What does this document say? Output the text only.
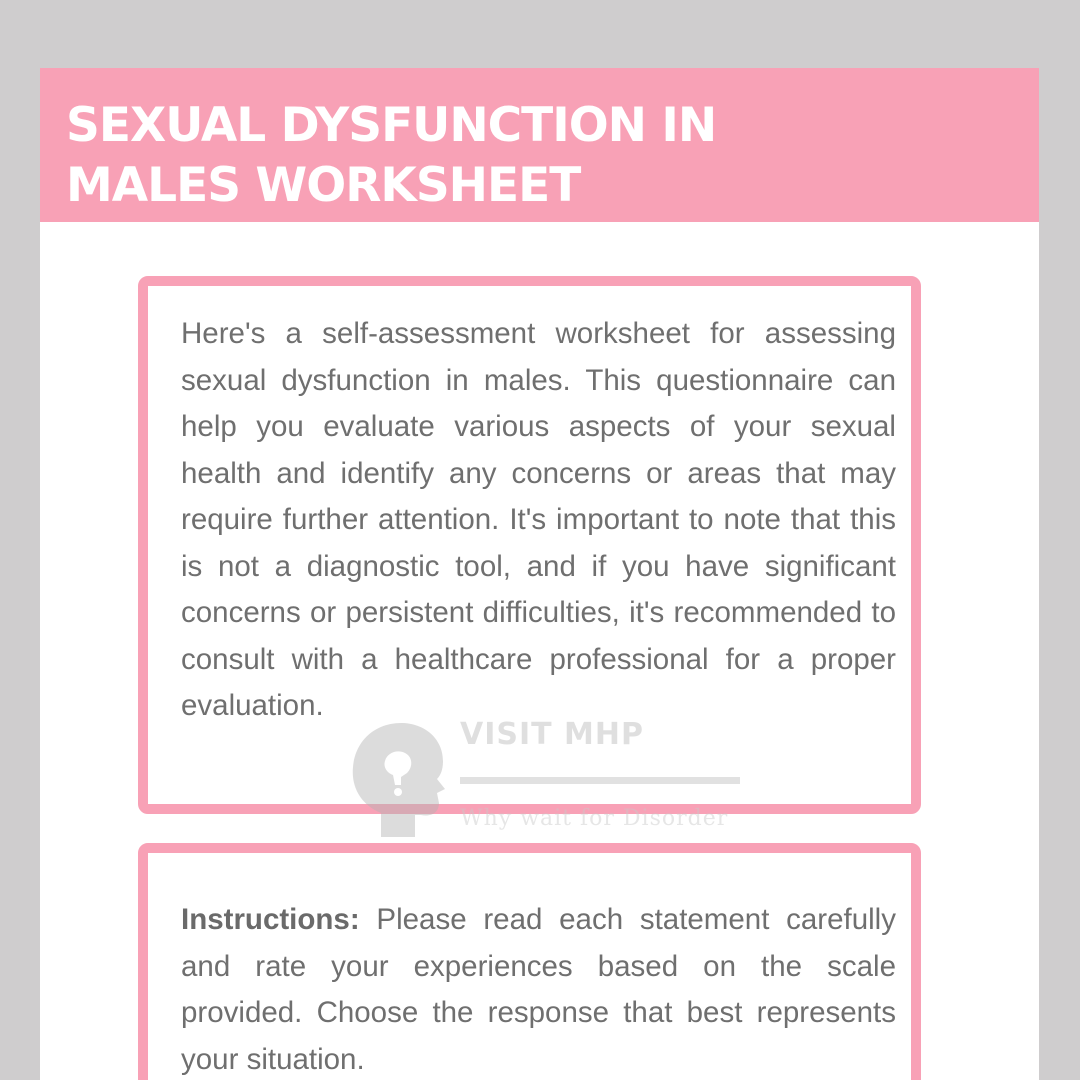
SEXUAL DYSFUNCTION IN
MALES WORKSHEET

Here's a self-assessment worksheet for assessing sexual dysfunction in males. This questionnaire can help you evaluate various aspects of your sexual health and identify any concerns or areas that may require further attention. It's important to note that this is not a diagnostic tool, and if you have significant concerns or persistent difficulties, it's recommended to consult with a healthcare professional for a proper evaluation.

Instructions: Please read each statement carefully and rate your experiences based on the scale provided. Choose the response that best represents your situation.

VISIT MHP
Why wait for Disorder
